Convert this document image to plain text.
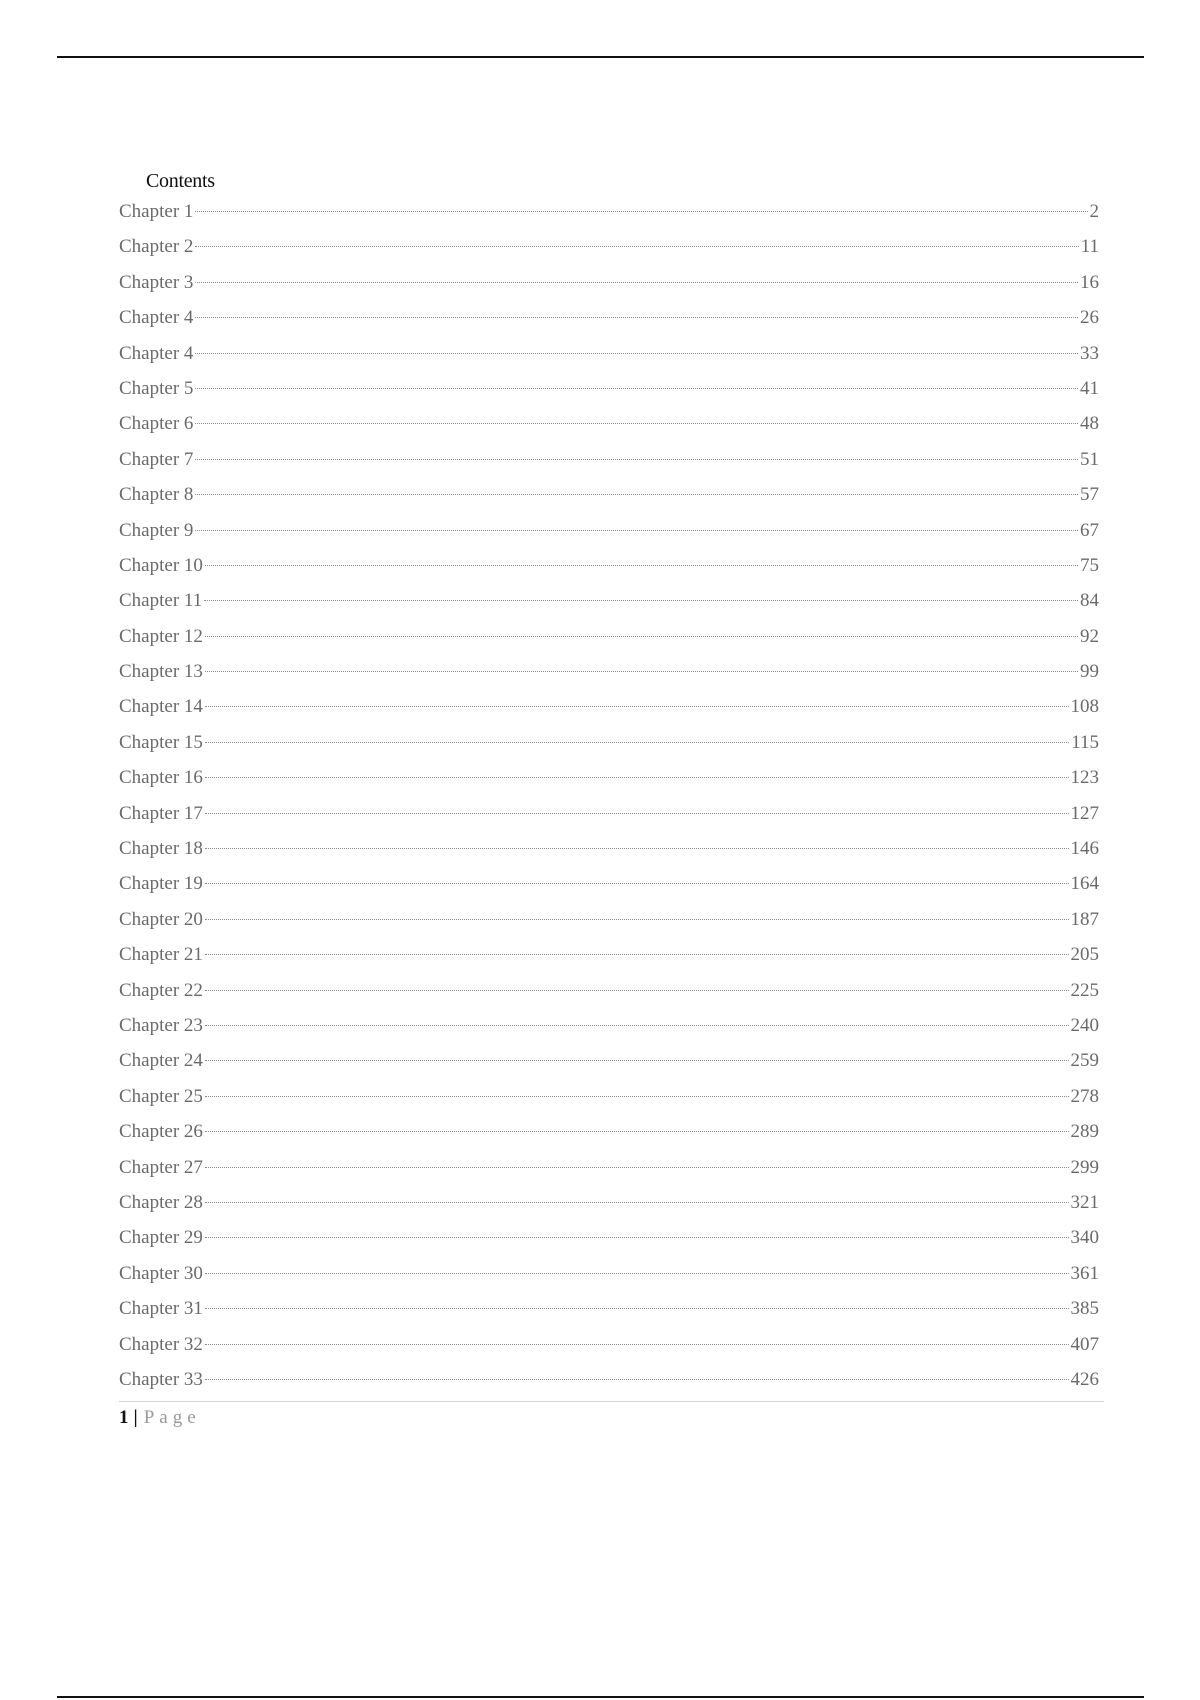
Contents
Chapter 1	2
Chapter 2	11
Chapter 3	16
Chapter 4	26
Chapter 4	33
Chapter 5	41
Chapter 6	48
Chapter 7	51
Chapter 8	57
Chapter 9	67
Chapter 10	75
Chapter 11	84
Chapter 12	92
Chapter 13	99
Chapter 14	108
Chapter 15	115
Chapter 16	123
Chapter 17	127
Chapter 18	146
Chapter 19	164
Chapter 20	187
Chapter 21	205
Chapter 22	225
Chapter 23	240
Chapter 24	259
Chapter 25	278
Chapter 26	289
Chapter 27	299
Chapter 28	321
Chapter 29	340
Chapter 30	361
Chapter 31	385
Chapter 32	407
Chapter 33	426
1 | Page
